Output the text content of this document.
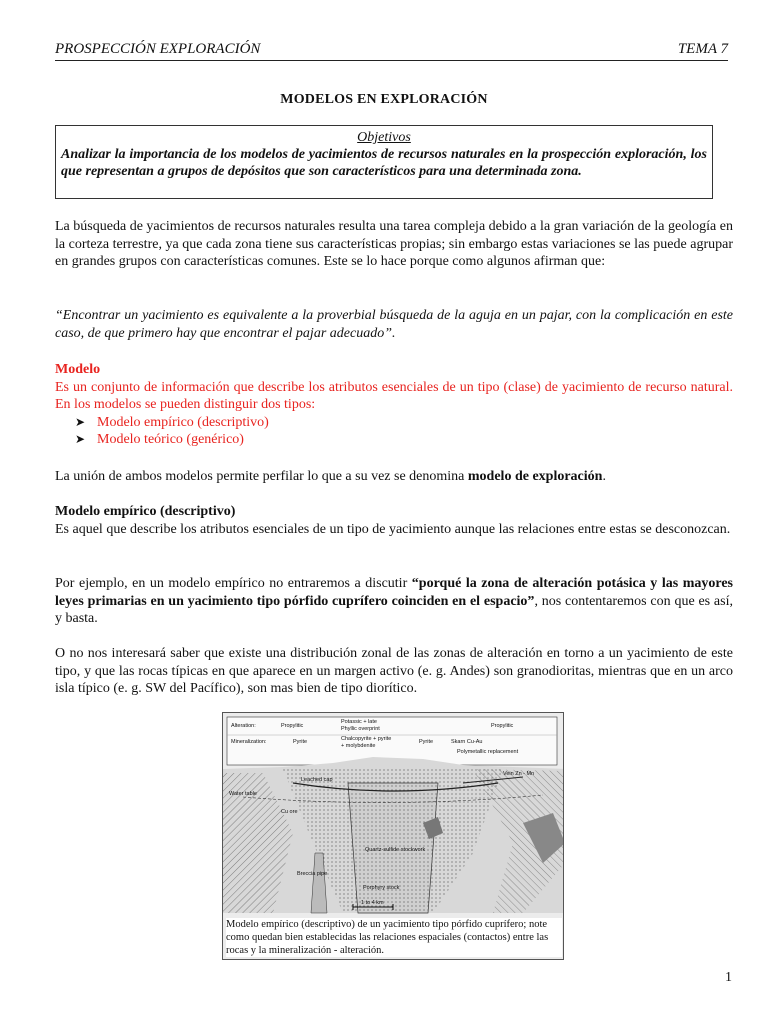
PROSPECCIÓN EXPLORACIÓN	TEMA 7
MODELOS EN EXPLORACIÓN
Objetivos
Analizar la importancia de los modelos de yacimientos de recursos naturales en la prospección exploración, los que representan a grupos de depósitos que son característicos para una determinada zona.
La búsqueda de yacimientos de recursos naturales resulta una tarea compleja debido a la gran variación de la geología en la corteza terrestre, ya que cada zona tiene sus características propias; sin embargo estas variaciones se las puede agrupar en grandes grupos con características comunes. Este se lo hace porque como algunos afirman que:
“Encontrar un yacimiento es equivalente a la proverbial búsqueda de la aguja en un pajar, con la complicación en este caso, de que primero hay que encontrar el pajar adecuado”.
Modelo
Es un conjunto de información que describe los atributos esenciales de un tipo (clase) de yacimiento de recurso natural. En los modelos se pueden distinguir dos tipos:
➤ Modelo empírico (descriptivo)
➤ Modelo teórico (genérico)
La unión de ambos modelos permite perfilar lo que a su vez se denomina modelo de exploración.
Modelo empírico (descriptivo)
Es aquel que describe los atributos esenciales de un tipo de yacimiento aunque las relaciones entre estas se desconozcan.
Por ejemplo, en un modelo empírico no entraremos a discutir “porqué la zona de alteración potásica y las mayores leyes primarias en un yacimiento tipo pórfido cuprífero coinciden en el espacio”, nos contentaremos con que es así, y basta.
O no nos interesará saber que existe una distribución zonal de las zonas de alteración en torno a un yacimiento de este tipo, y que las rocas típicas en que aparece en un margen activo (e. g. Andes) son granodioritas, mientras que en un arco isla típico (e. g. SW del Pacífico), son mas bien de tipo diorítico.
Alteration:	Propylitic
Potassic + late
Phyllic overprint
Chalcopyrite + pyrite
+ molybdenite
Propylitic
Mineralization:	Pyrite	Pyrite	Skarn Cu-Au
Polymetallic replacement
Leached cap
Vein Zn - Mn
Water table
Cu ore
Quartz-sulfide stockwork
Breccia pipe
Porphyry stock
1 to 4 km
Modelo empírico (descriptivo) de un yacimiento tipo pórfido cuprífero; note como quedan bien establecidas las relaciones espaciales (contactos) entre las rocas y la mineralización - alteración.
1
